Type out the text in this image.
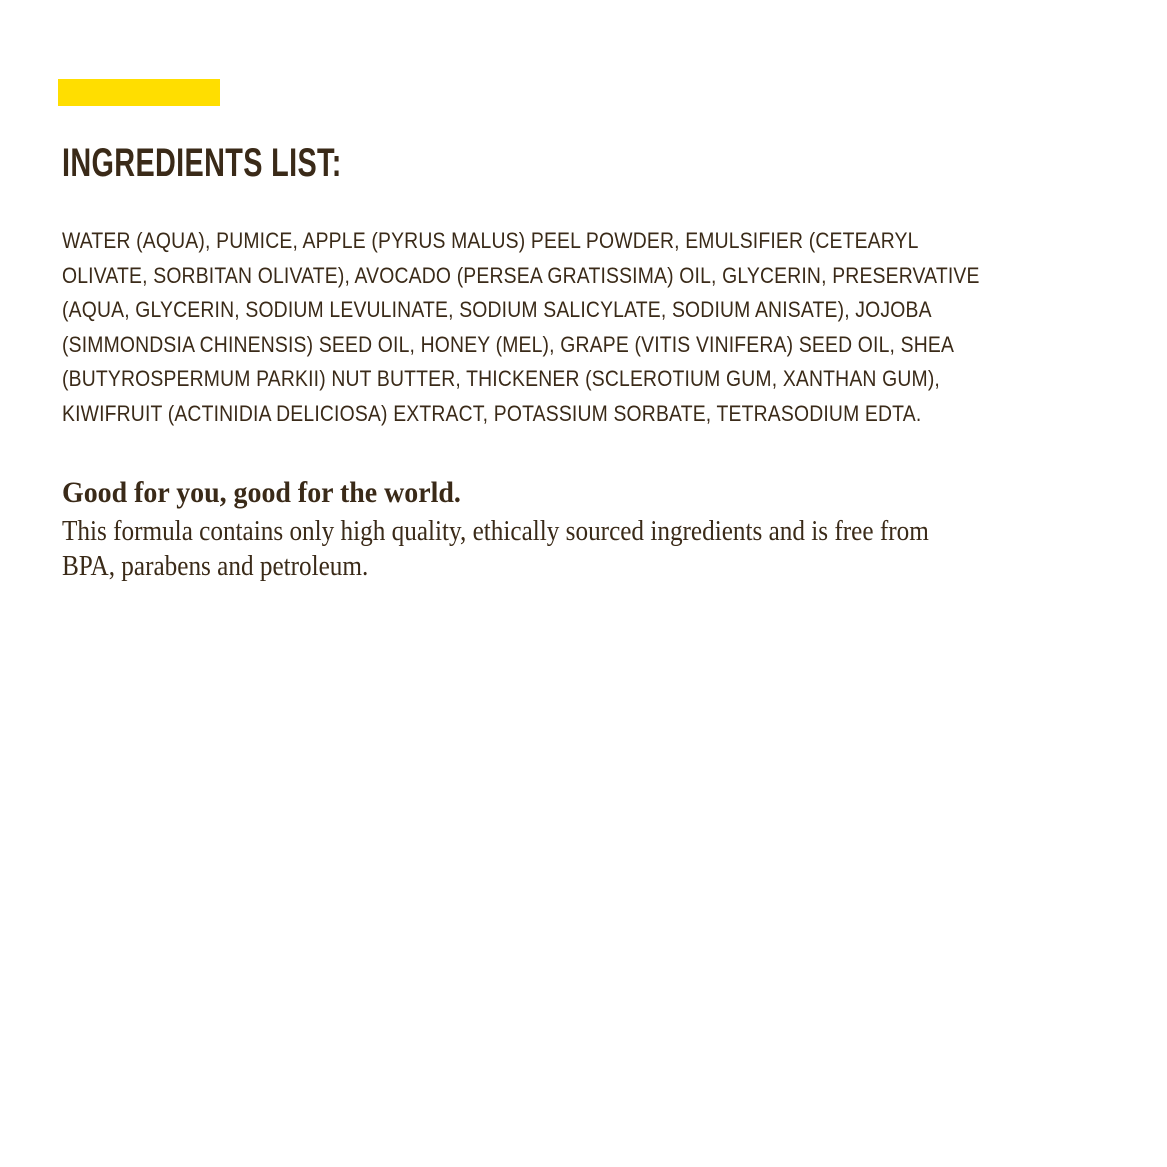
INGREDIENTS LIST:
WATER (AQUA), PUMICE, APPLE (PYRUS MALUS) PEEL POWDER, EMULSIFIER (CETEARYL
OLIVATE, SORBITAN OLIVATE), AVOCADO (PERSEA GRATISSIMA) OIL, GLYCERIN, PRESERVATIVE
(AQUA, GLYCERIN, SODIUM LEVULINATE, SODIUM SALICYLATE, SODIUM ANISATE), JOJOBA
(SIMMONDSIA CHINENSIS) SEED OIL, HONEY (MEL), GRAPE (VITIS VINIFERA) SEED OIL, SHEA
(BUTYROSPERMUM PARKII) NUT BUTTER, THICKENER (SCLEROTIUM GUM, XANTHAN GUM),
KIWIFRUIT (ACTINIDIA DELICIOSA) EXTRACT, POTASSIUM SORBATE, TETRASODIUM EDTA.
Good for you, good for the world.
This formula contains only high quality, ethically sourced ingredients and is free from
BPA, parabens and petroleum.
